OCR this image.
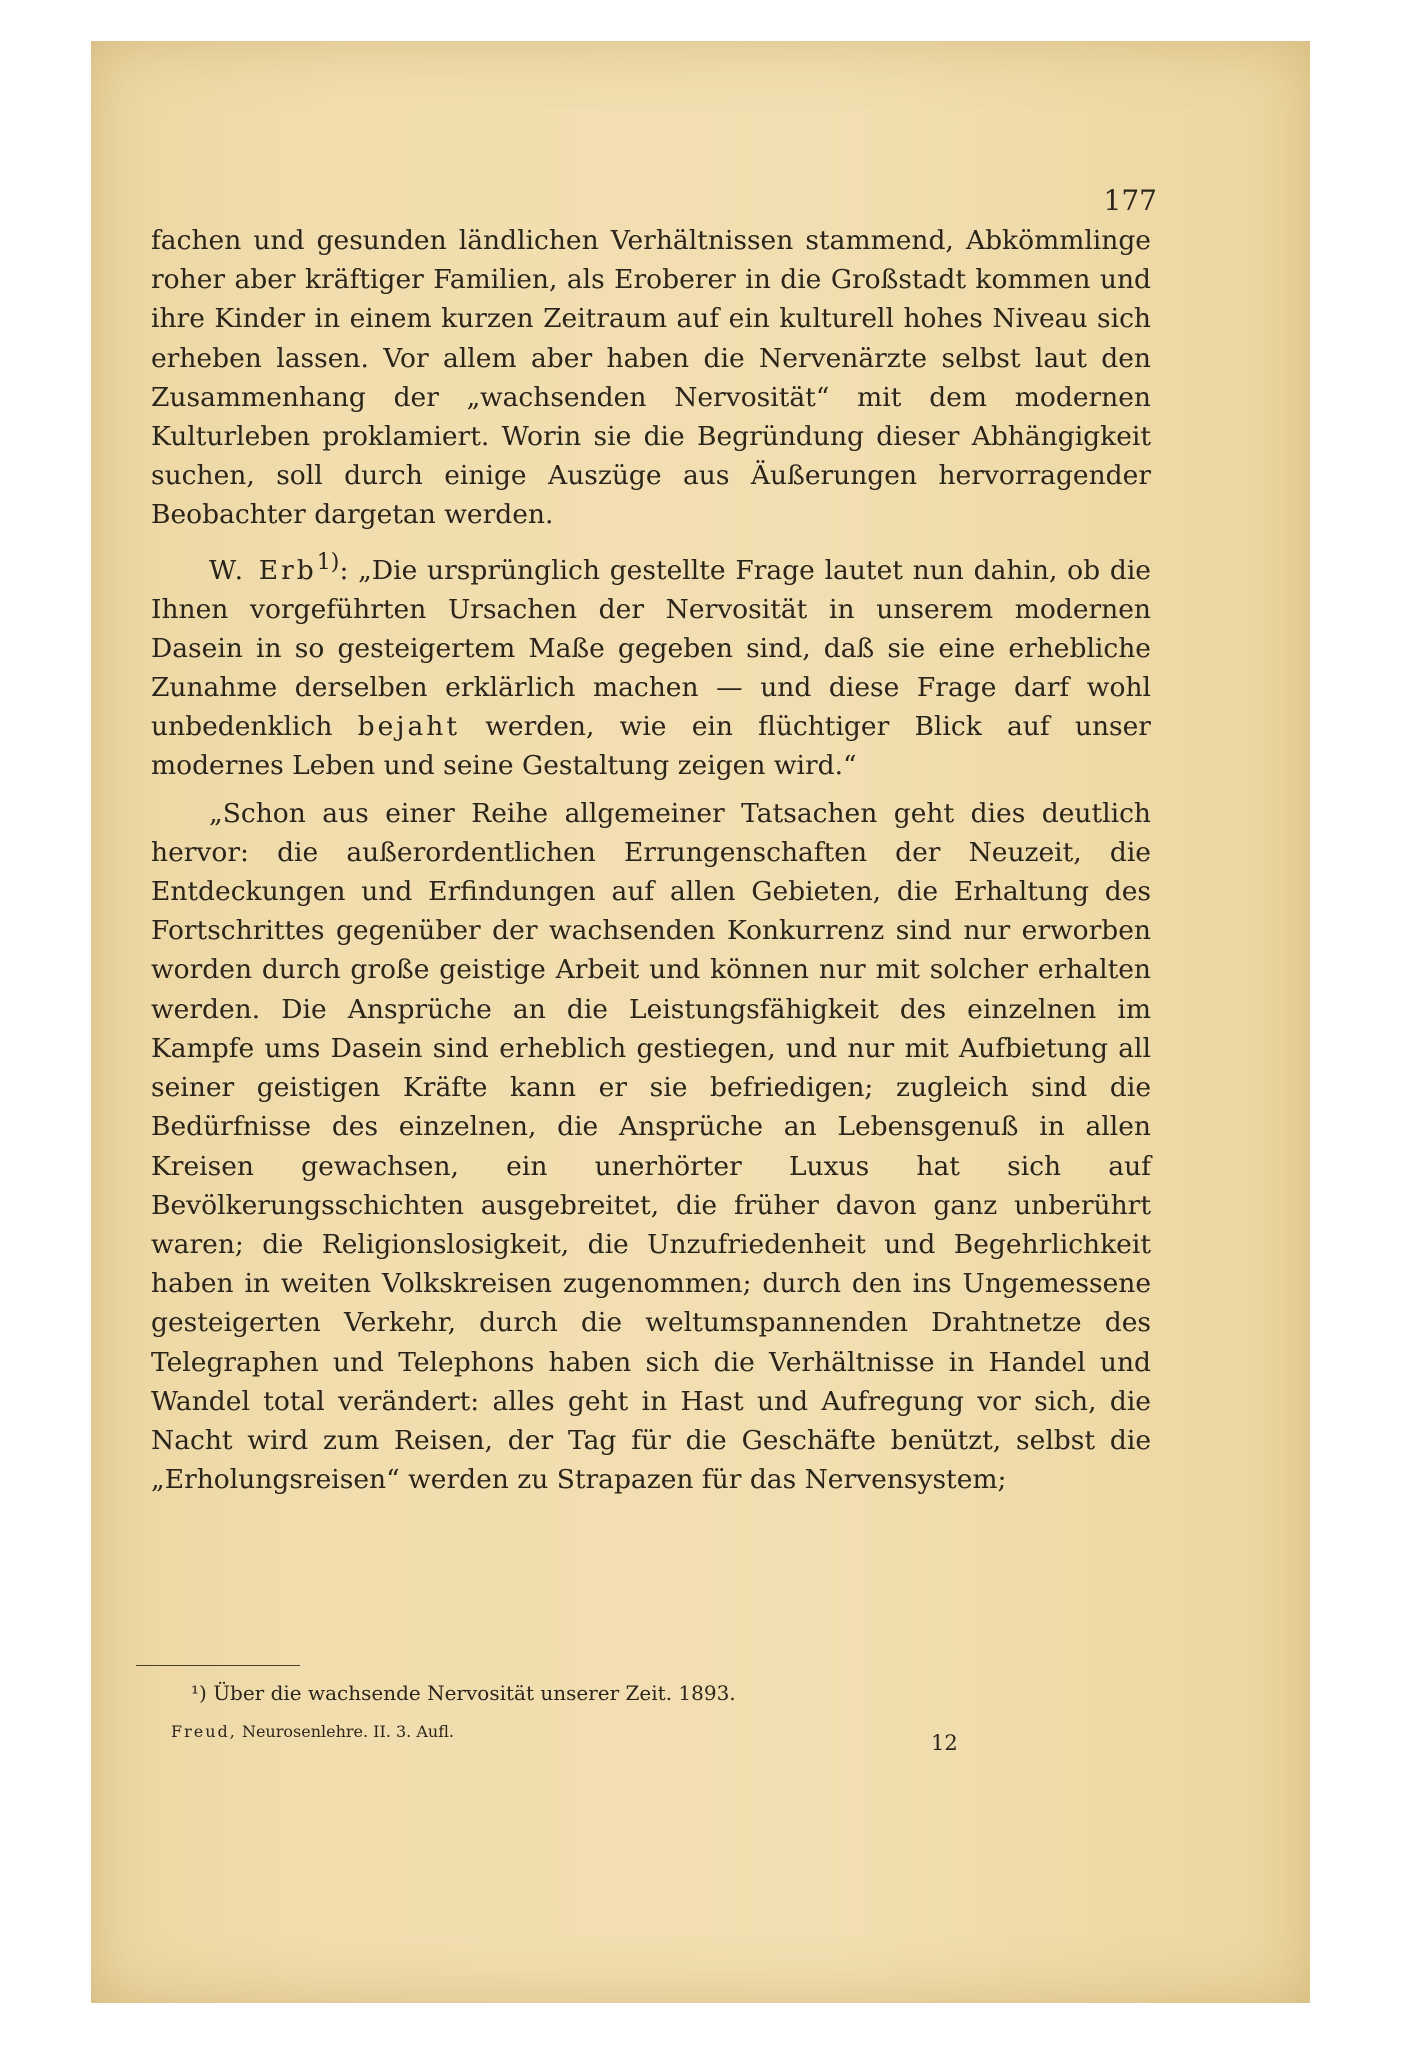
177

fachen und gesunden ländlichen Verhältnissen stammend, Abkömmlinge roher aber kräftiger Familien, als Eroberer in die Großstadt kommen und ihre Kinder in einem kurzen Zeitraum auf ein kulturell hohes Niveau sich erheben lassen. Vor allem aber haben die Nervenärzte selbst laut den Zusammenhang der „wachsenden Nervosität“ mit dem modernen Kulturleben proklamiert. Worin sie die Begründung dieser Abhängigkeit suchen, soll durch einige Auszüge aus Äußerungen hervorragender Beobachter dargetan werden.

W. Erb$^{1)}$: „Die ursprünglich gestellte Frage lautet nun dahin, ob die Ihnen vorgeführten Ursachen der Nervosität in unserem modernen Dasein in so gesteigertem Maße gegeben sind, daß sie eine erhebliche Zunahme derselben erklärlich machen — und diese Frage darf wohl unbedenklich bejaht werden, wie ein flüchtiger Blick auf unser modernes Leben und seine Gestaltung zeigen wird.“

„Schon aus einer Reihe allgemeiner Tatsachen geht dies deutlich hervor: die außerordentlichen Errungenschaften der Neuzeit, die Entdeckungen und Erfindungen auf allen Gebieten, die Erhaltung des Fortschrittes gegenüber der wachsenden Konkurrenz sind nur erworben worden durch große geistige Arbeit und können nur mit solcher erhalten werden. Die Ansprüche an die Leistungsfähigkeit des einzelnen im Kampfe ums Dasein sind erheblich gestiegen, und nur mit Aufbietung all seiner geistigen Kräfte kann er sie befriedigen; zugleich sind die Bedürfnisse des einzelnen, die Ansprüche an Lebensgenuß in allen Kreisen gewachsen, ein unerhörter Luxus hat sich auf Bevölkerungsschichten ausgebreitet, die früher davon ganz unberührt waren; die Religionslosigkeit, die Unzufriedenheit und Begehrlichkeit haben in weiten Volkskreisen zugenommen; durch den ins Ungemessene gesteigerten Verkehr, durch die weltumspannenden Drahtnetze des Telegraphen und Telephons haben sich die Verhältnisse in Handel und Wandel total verändert: alles geht in Hast und Aufregung vor sich, die Nacht wird zum Reisen, der Tag für die Geschäfte benützt, selbst die „Erholungsreisen“ werden zu Strapazen für das Nervensystem;

¹) Über die wachsende Nervosität unserer Zeit. 1893.
Freud, Neurosenlehre. II. 3. Aufl.	12
